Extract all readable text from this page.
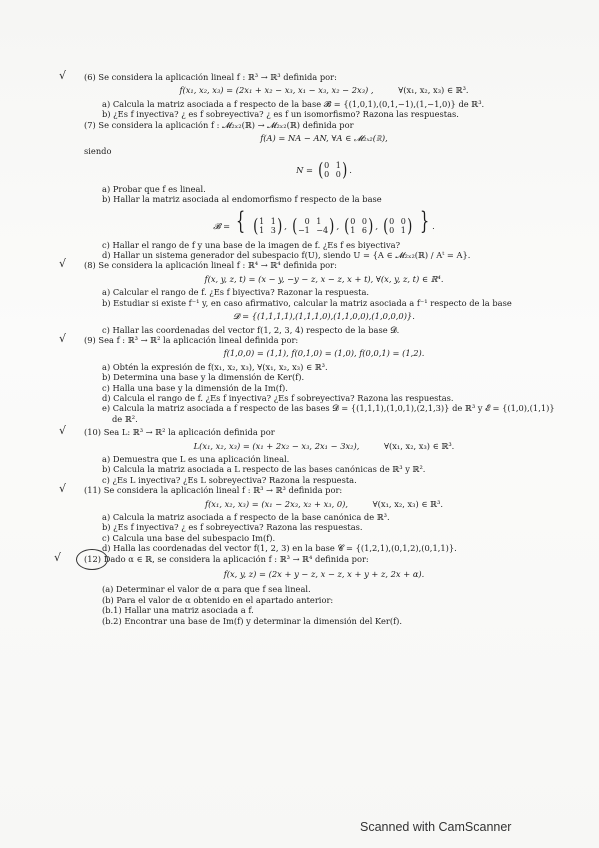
√ (6) Se considera la aplicación lineal f : ℝ³ → ℝ³ definida por:
f(x₁, x₂, x₃) = (2x₁ + x₂ − x₃, x₁ − x₃, x₂ − 2x₃) ,	∀(x₁, x₂, x₃) ∈ ℝ³.
a) Calcula la matriz asociada a f respecto de la base 𝓑 = {(1,0,1),(0,1,−1),(1,−1,0)} de ℝ³.
b) ¿Es f inyectiva? ¿ es f sobreyectiva? ¿ es f un isomorfismo? Razona las respuestas.
(7) Se considera la aplicación f : 𝓜₂ₓ₂(ℝ) → 𝓜₂ₓ₂(ℝ) definida por
f(A) = NA − AN, ∀A ∈ 𝓜₂ₓ₂(ℝ),
siendo
N = ( 0 1
0 0 ) .
a) Probar que f es lineal.
b) Hallar la matriz asociada al endomorfismo f respecto de la base
𝓑 = { ( 1 1
1 3 ) , ( 0 1
−1 −4 ) , ( 0 0
1 6 ) , ( 0 0
0 1 ) } .
c) Hallar el rango de f y una base de la imagen de f. ¿Es f es biyectiva?
d) Hallar un sistema generador del subespacio f(U), siendo U = {A ∈ 𝓜₂ₓ₂(ℝ) / Aᵗ = A}.
√ (8) Se considera la aplicación lineal f : ℝ⁴ → ℝ⁴ definida por:
f(x, y, z, t) = (x − y, −y − z, x − z, x + t), ∀(x, y, z, t) ∈ ℝ⁴.
a) Calcular el rango de f. ¿Es f biyectiva? Razonar la respuesta.
b) Estudiar si existe f⁻¹ y, en caso afirmativo, calcular la matriz asociada a f⁻¹ respecto de la base
𝓓 = {(1,1,1,1),(1,1,1,0),(1,1,0,0),(1,0,0,0)}.
c) Hallar las coordenadas del vector f(1, 2, 3, 4) respecto de la base 𝓓.
√ (9) Sea f : ℝ³ → ℝ² la aplicación lineal definida por:
f(1,0,0) = (1,1), f(0,1,0) = (1,0), f(0,0,1) = (1,2).
a) Obtén la expresión de f(x₁, x₂, x₃), ∀(x₁, x₂, x₃) ∈ ℝ³.
b) Determina una base y la dimensión de Ker(f).
c) Halla una base y la dimensión de la Im(f).
d) Calcula el rango de f. ¿Es f inyectiva? ¿Es f sobreyectiva? Razona las respuestas.
e) Calcula la matriz asociada a f respecto de las bases 𝓓 = {(1,1,1),(1,0,1),(2,1,3)} de ℝ³ y 𝓔 = {(1,0),(1,1)} de ℝ².
√ (10) Sea L: ℝ³ → ℝ² la aplicación definida por
L(x₁, x₂, x₃) = (x₁ + 2x₂ − x₃, 2x₁ − 3x₂),	∀(x₁, x₂, x₃) ∈ ℝ³.
a) Demuestra que L es una aplicación lineal.
b) Calcula la matriz asociada a L respecto de las bases canónicas de ℝ³ y ℝ².
c) ¿Es L inyectiva? ¿Es L sobreyectiva? Razona la respuesta.
√ (11) Se considera la aplicación lineal f : ℝ³ → ℝ³ definida por:
f(x₁, x₂, x₃) = (x₁ − 2x₃, x₂ + x₃, 0),	∀(x₁, x₂, x₃) ∈ ℝ³.
a) Calcula la matriz asociada a f respecto de la base canónica de ℝ³.
b) ¿Es f inyectiva? ¿ es f sobreyectiva? Razona las respuestas.
c) Calcula una base del subespacio Im(f).
d) Halla las coordenadas del vector f(1, 2, 3) en la base 𝓒 = {(1,2,1),(0,1,2),(0,1,1)}.
√	(12) Dado α ∈ ℝ, se considera la aplicación f : ℝ³ → ℝ⁴ definida por:
f(x, y, z) = (2x + y − z, x − z, x + y + z, 2x + α).
(a) Determinar el valor de α para que f sea lineal.
(b) Para el valor de α obtenido en el apartado anterior:
(b.1) Hallar una matriz asociada a f.
(b.2) Encontrar una base de Im(f) y determinar la dimensión del Ker(f).
Scanned with CamScanner
